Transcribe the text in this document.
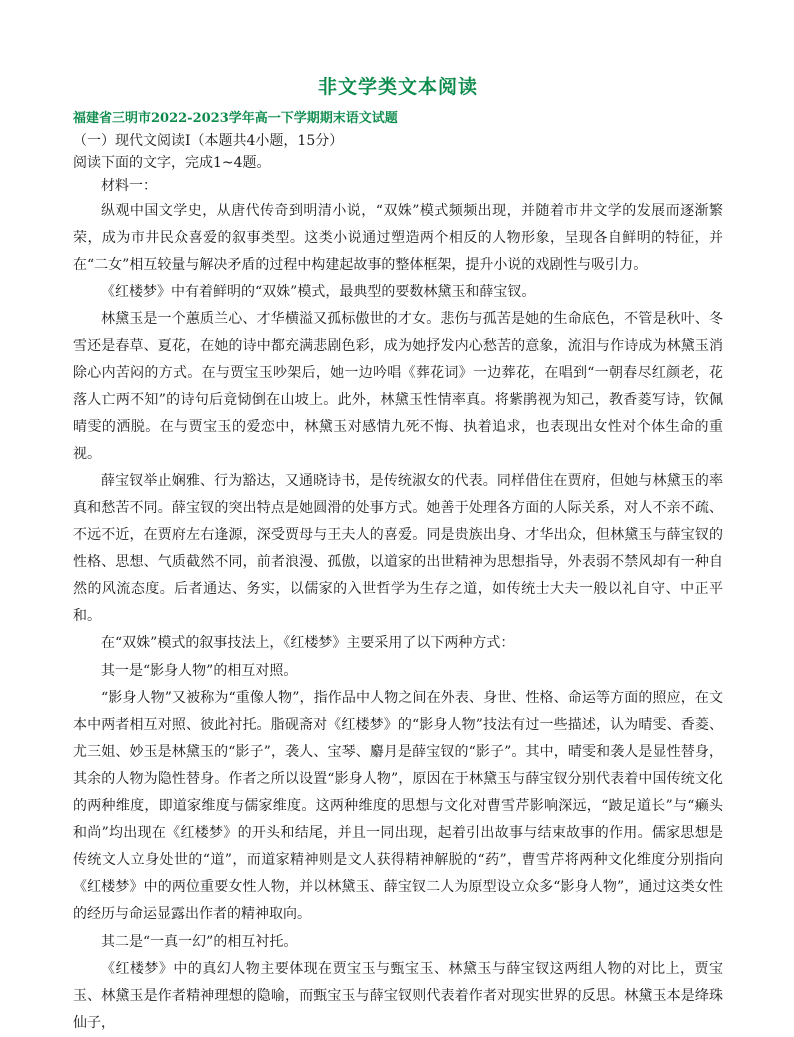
非文学类文本阅读

福建省三明市2022-2023学年高一下学期期末语文试题

（一）现代文阅读Ⅰ（本题共4小题，15分）

阅读下面的文字，完成1~4题。

材料一：

纵观中国文学史，从唐代传奇到明清小说，“双姝”模式频频出现，并随着市井文学的发展而逐渐繁荣，成为市井民众喜爱的叙事类型。这类小说通过塑造两个相反的人物形象，呈现各自鲜明的特征，并在“二女”相互较量与解决矛盾的过程中构建起故事的整体框架，提升小说的戏剧性与吸引力。

《红楼梦》中有着鲜明的“双姝”模式，最典型的要数林黛玉和薛宝钗。

林黛玉是一个蕙质兰心、才华横溢又孤标傲世的才女。悲伤与孤苦是她的生命底色，不管是秋叶、冬雪还是春草、夏花，在她的诗中都充满悲剧色彩，成为她抒发内心愁苦的意象，流泪与作诗成为林黛玉消除心内苦闷的方式。在与贾宝玉吵架后，她一边吟唱《葬花词》一边葬花，在唱到“一朝春尽红颜老，花落人亡两不知”的诗句后竟恸倒在山坡上。此外，林黛玉性情率真。将紫鹃视为知己，教香菱写诗，钦佩晴雯的洒脱。在与贾宝玉的爱恋中，林黛玉对感情九死不悔、执着追求，也表现出女性对个体生命的重视。

薛宝钗举止娴雅、行为豁达，又通晓诗书，是传统淑女的代表。同样借住在贾府，但她与林黛玉的率真和愁苦不同。薛宝钗的突出特点是她圆滑的处事方式。她善于处理各方面的人际关系，对人不亲不疏、不远不近，在贾府左右逢源，深受贾母与王夫人的喜爱。同是贵族出身、才华出众，但林黛玉与薛宝钗的性格、思想、气质截然不同，前者浪漫、孤傲，以道家的出世精神为思想指导，外表弱不禁风却有一种自然的风流态度。后者通达、务实，以儒家的入世哲学为生存之道，如传统士大夫一般以礼自守、中正平和。

在“双姝”模式的叙事技法上，《红楼梦》主要采用了以下两种方式：

其一是“影身人物”的相互对照。

“影身人物”又被称为“重像人物”，指作品中人物之间在外表、身世、性格、命运等方面的照应，在文本中两者相互对照、彼此衬托。脂砚斋对《红楼梦》的“影身人物”技法有过一些描述，认为晴雯、香菱、尤三姐、妙玉是林黛玉的“影子”，袭人、宝琴、麝月是薛宝钗的“影子”。其中，晴雯和袭人是显性替身，其余的人物为隐性替身。作者之所以设置“影身人物”，原因在于林黛玉与薛宝钗分别代表着中国传统文化的两种维度，即道家维度与儒家维度。这两种维度的思想与文化对曹雪芹影响深远，“跛足道长”与“癞头和尚”均出现在《红楼梦》的开头和结尾，并且一同出现，起着引出故事与结束故事的作用。儒家思想是传统文人立身处世的“道”，而道家精神则是文人获得精神解脱的“药”，曹雪芹将两种文化维度分别指向《红楼梦》中的两位重要女性人物，并以林黛玉、薛宝钗二人为原型设立众多“影身人物”，通过这类女性的经历与命运显露出作者的精神取向。

其二是“一真一幻”的相互衬托。

《红楼梦》中的真幻人物主要体现在贾宝玉与甄宝玉、林黛玉与薛宝钗这两组人物的对比上，贾宝玉、林黛玉是作者精神理想的隐喻，而甄宝玉与薛宝钗则代表着作者对现实世界的反思。林黛玉本是绛珠仙子，
